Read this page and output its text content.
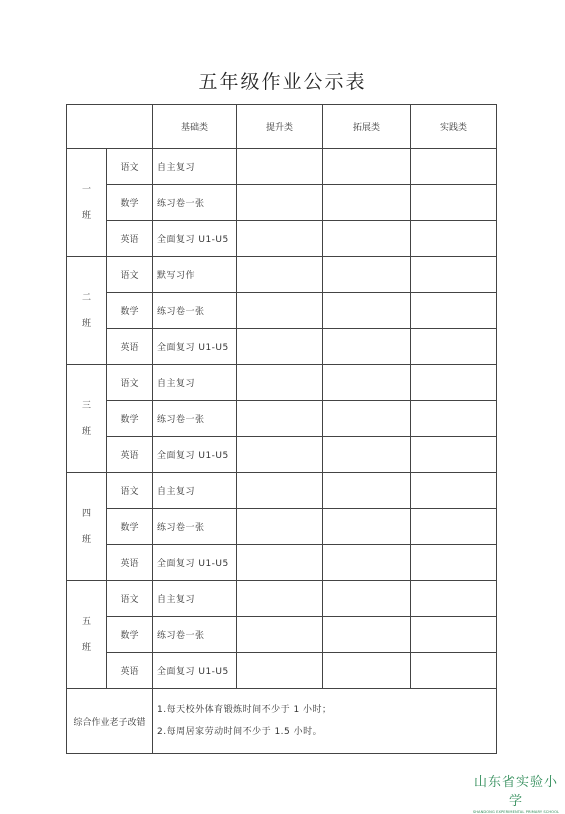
五年级作业公示表
		基础类	提升类	拓展类	实践类

一
班	语文	自主复习			
	数学	练习卷一张			
	英语	全面复习 U1-U5			

二
班	语文	默写习作			
	数学	练习卷一张			
	英语	全面复习 U1-U5			

三
班	语文	自主复习			
	数学	练习卷一张			
	英语	全面复习 U1-U5			

四
班	语文	自主复习			
	数学	练习卷一张			
	英语	全面复习 U1-U5			

五
班	语文	自主复习			
	数学	练习卷一张			
	英语	全面复习 U1-U5			
综合作业老子改错		1.每天校外体育锻炼时间不少于 1 小时；
2.每周居家劳动时间不少于 1.5 小时。			
山东省实验小学
SHANDONG EXPERIMENTAL PRIMARY SCHOOL
